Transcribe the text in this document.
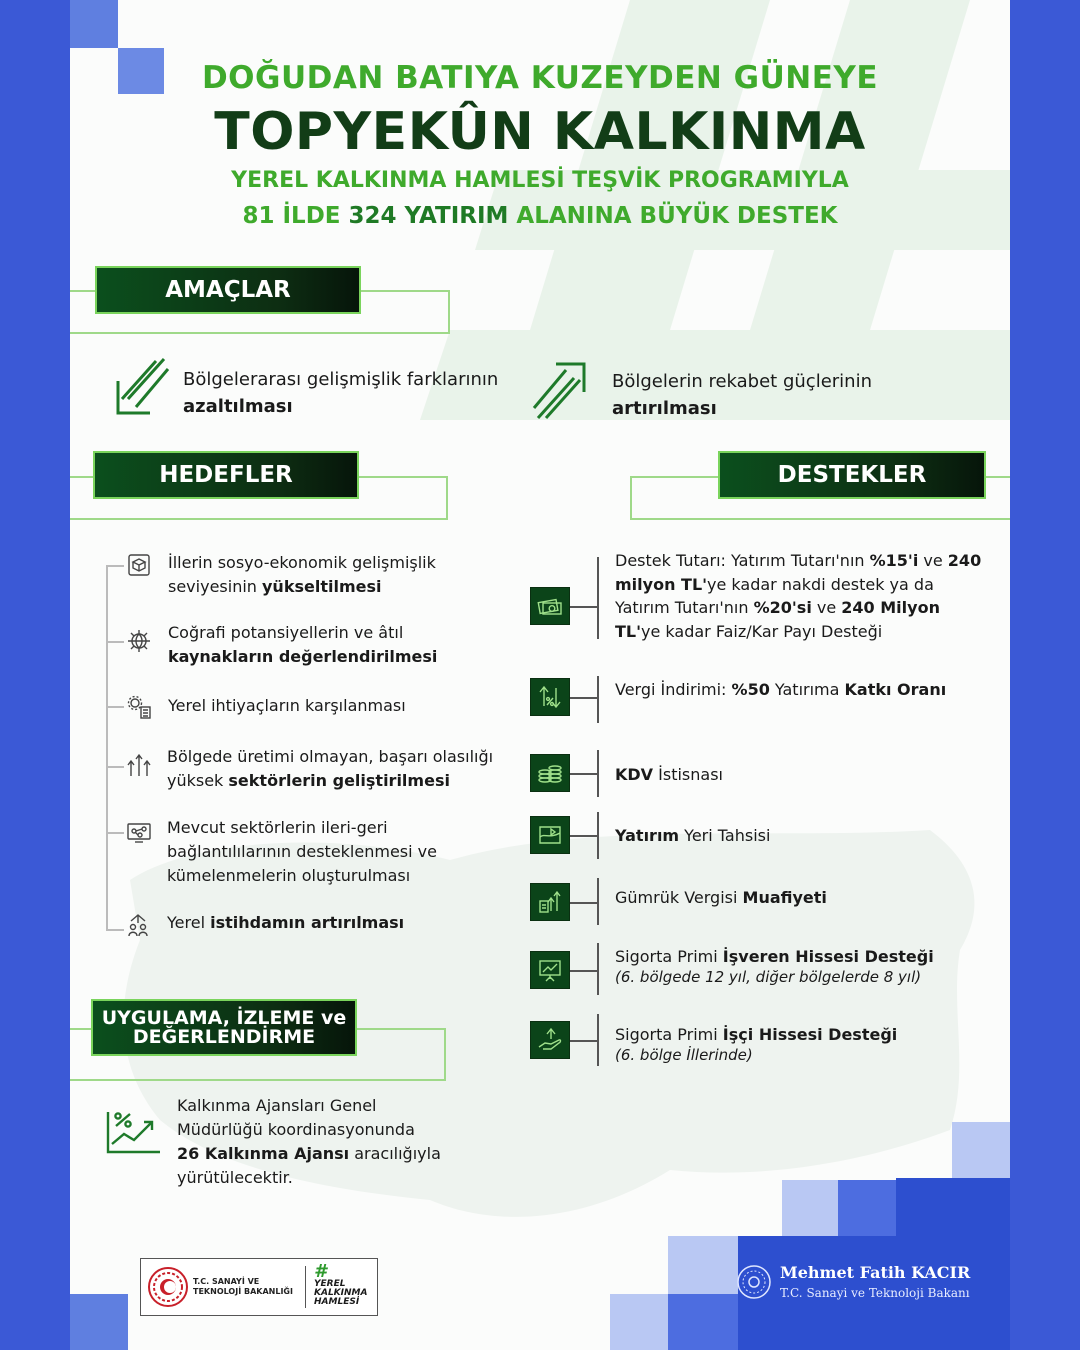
DOĞUDAN BATIYA KUZEYDEN GÜNEYE
TOPYEKÛN KALKINMA
YEREL KALKINMA HAMLESİ TEŞVİK PROGRAMIYLA
81 İLDE 324 YATIRIM ALANINA BÜYÜK DESTEK
AMAÇLAR
Bölgelerarası gelişmişlik farklarının
azaltılması
Bölgelerin rekabet güçlerinin
artırılması
HEDEFLER	DESTEKLER
İllerin sosyo-ekonomik gelişmişlik seviyesinin yükseltilmesi
Coğrafi potansiyellerin ve âtıl kaynakların değerlendirilmesi
Yerel ihtiyaçların karşılanması
Bölgede üretimi olmayan, başarı olasılığı yüksek sektörlerin geliştirilmesi
Mevcut sektörlerin ileri-geri bağlantılılarının desteklenmesi ve kümelenmelerin oluşturulması
Yerel istihdamın artırılması
Destek Tutarı: Yatırım Tutarı'nın %15'i ve 240 milyon TL'ye kadar nakdi destek ya da Yatırım Tutarı'nın %20'si ve 240 Milyon TL'ye kadar Faiz/Kar Payı Desteği
Vergi İndirimi: %50 Yatırıma Katkı Oranı
KDV İstisnası
Yatırım Yeri Tahsisi
Gümrük Vergisi Muafiyeti
Sigorta Primi İşveren Hissesi Desteği
(6. bölgede 12 yıl, diğer bölgelerde 8 yıl)
Sigorta Primi İşçi Hissesi Desteği
(6. bölge İllerinde)
UYGULAMA, İZLEME ve
DEĞERLENDİRME
Kalkınma Ajansları Genel
Müdürlüğü koordinasyonunda
26 Kalkınma Ajansı aracılığıyla
yürütülecektir.
T.C. SANAYİ VE
TEKNOLOJİ BAKANLIĞI
#
YEREL
KALKINMA
HAMLESİ
Mehmet Fatih KACIR
T.C. Sanayi ve Teknoloji Bakanı
